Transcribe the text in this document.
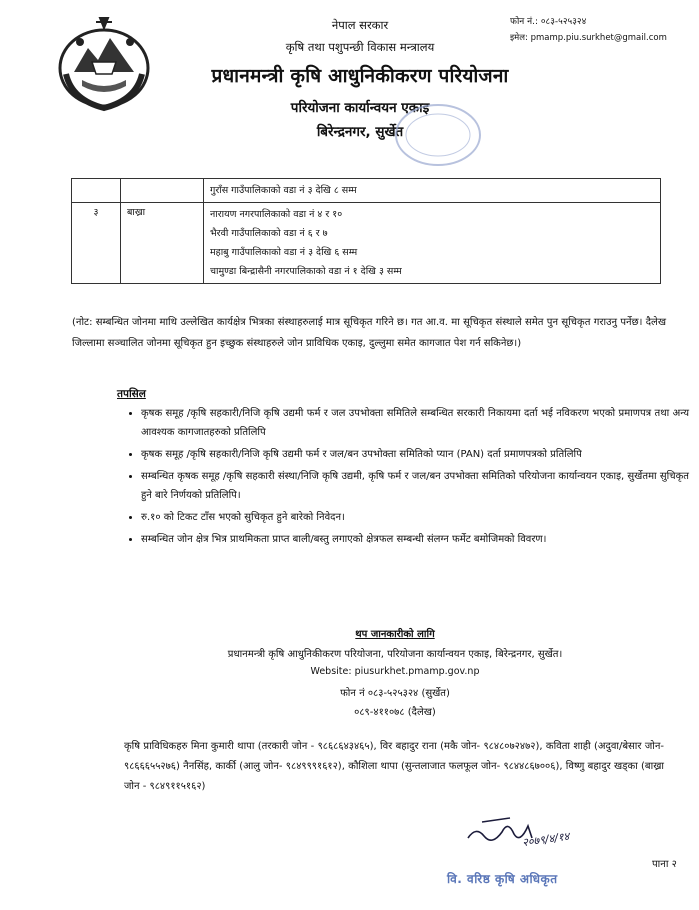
फोन नं.: ०८३-५२५३२४
इमेल: pmamp.piu.surkhet@gmail.com
नेपाल सरकार
कृषि तथा पशुपन्छी विकास मन्त्रालय
प्रधानमन्त्री कृषि आधुनिकीकरण परियोजना
परियोजना कार्यान्वयन एकाइ
बिरेन्द्रनगर, सुर्खेत

		गुराँस गाउँपालिकाको वडा नं ३ देखि ८ सम्म

३	बाख्रा	नारायण नगरपालिकाको वडा नं ४ र १०
भैरवी गाउँपालिकाको वडा नं ६ र ७
महाबु गाउँपालिकाको वडा नं ३ देखि ६ सम्म
चामुण्डा बिन्द्रासैनी नगरपालिकाको वडा नं १ देखि ३ सम्म
(नोट: सम्बन्धित जोनमा माथि उल्लेखित कार्यक्षेत्र भित्रका संस्थाहरुलाई मात्र सूचिकृत गरिने छ। गत आ.व. मा सूचिकृत संस्थाले समेत पुन सूचिकृत गराउनु पर्नेछ। दैलेख जिल्लामा सञ्चालित जोनमा सूचिकृत हुन इच्छुक संस्थाहरुले जोन प्राविधिक एकाइ, दुल्लुमा समेत कागजात पेश गर्न सकिनेछ।)
तपसिल
• कृषक समूह /कृषि सहकारी/निजि कृषि उद्यमी फर्म र जल उपभोक्ता समितिले सम्बन्धित सरकारी निकायमा दर्ता भई नविकरण भएको प्रमाणपत्र तथा अन्य आवश्यक कागजातहरुको प्रतिलिपि
• कृषक समूह /कृषि सहकारी/निजि कृषि उद्यमी फर्म र जल/बन उपभोक्ता समितिको प्यान (PAN) दर्ता प्रमाणपत्रको प्रतिलिपि
• सम्बन्धित कृषक समूह /कृषि सहकारी संस्था/निजि कृषि उद्यमी, कृषि फर्म र जल/बन उपभोक्ता समितिको परियोजना कार्यान्वयन एकाइ, सुर्खेतमा सुचिकृत हुने बारे निर्णयको प्रतिलिपि।
• रु.१० को टिकट टाँस भएको सुचिकृत हुने बारेको निवेदन।
• सम्बन्धित जोन क्षेत्र भित्र प्राथमिकता प्राप्त बाली/बस्तु लगाएको क्षेत्रफल सम्बन्धी संलग्न फर्मेट बमोजिमको विवरण।
थप जानकारीको लागि
प्रधानमन्त्री कृषि आधुनिकीकरण परियोजना, परियोजना कार्यान्वयन एकाइ, बिरेन्द्रनगर, सुर्खेत।
Website: piusurkhet.pmamp.gov.np
फोन नं ०८३-५२५३२४ (सुर्खेत)
०८९-४११०७८ (दैलेख)
कृषि प्राविधिकहरु मिना कुमारी थापा (तरकारी जोन - ९८६८६४३४६५), विर बहादुर राना (मकै जोन- ९८४८०७२४७२), कविता शाही (अदुवा/बेसार जोन- ९८६६६५५२७६) नैनसिंह, कार्की (आलु जोन- ९८४९९९१६१२), कौशिला थापा (सुन्तलाजात फलफूल जोन- ९८४४८६७००६), विष्णु बहादुर खड्का (बाख्रा जोन - ९८४९११५१६२)
२०७९/४/१४
पाना २
वि. वरिष्ठ कृषि अधिकृत
